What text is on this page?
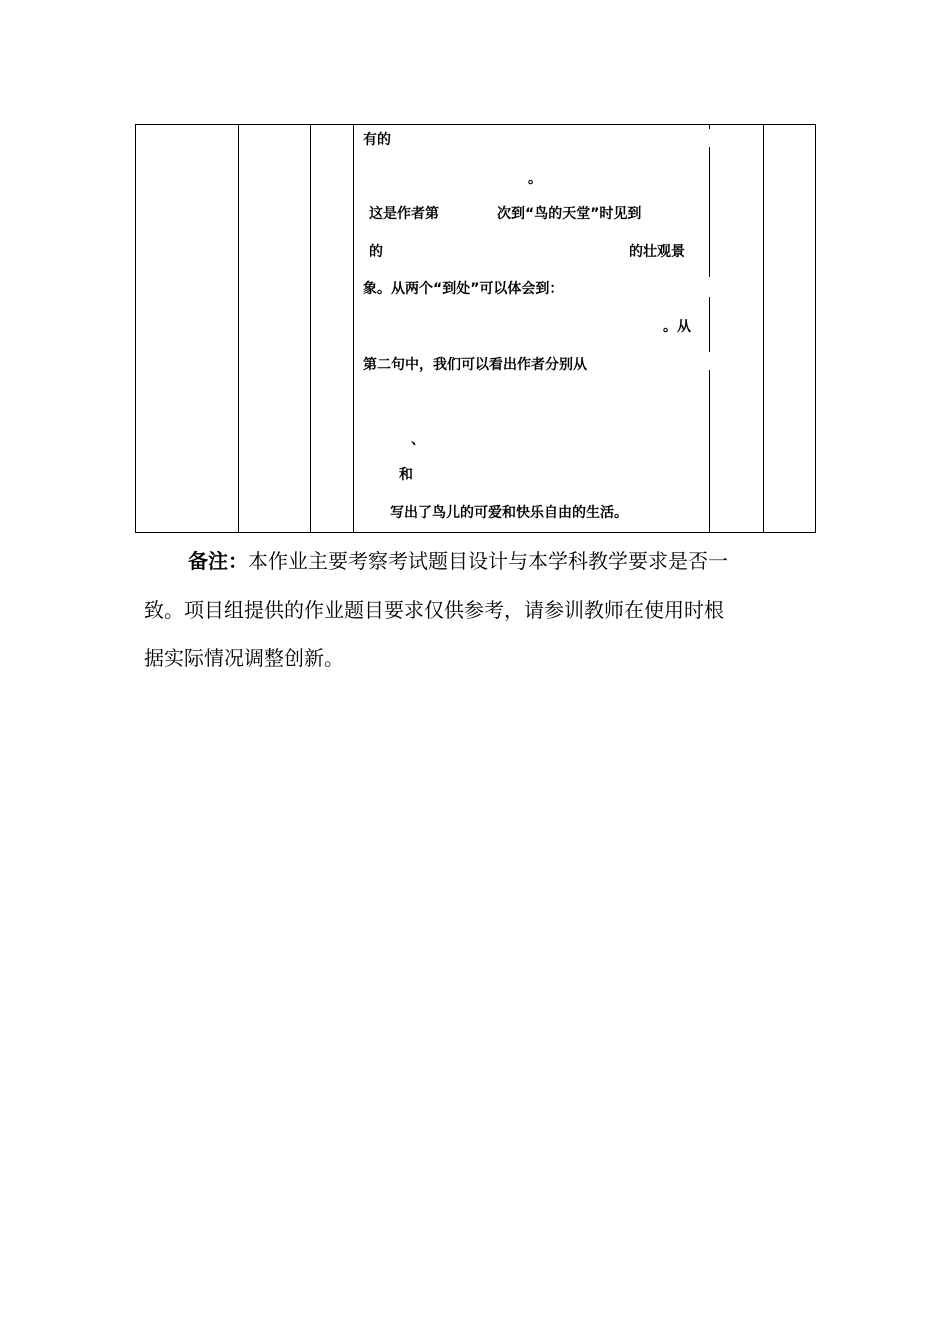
有的
。
这是作者第	次到“鸟的天堂”时见到
的	的壮观景
象。从两个“到处”可以体会到：
。从
第二句中，我们可以看出作者分别从
、
和
写出了鸟儿的可爱和快乐自由的生活。
备注：本作业主要考察考试题目设计与本学科教学要求是否一
致。项目组提供的作业题目要求仅供参考，请参训教师在使用时根
据实际情况调整创新。
